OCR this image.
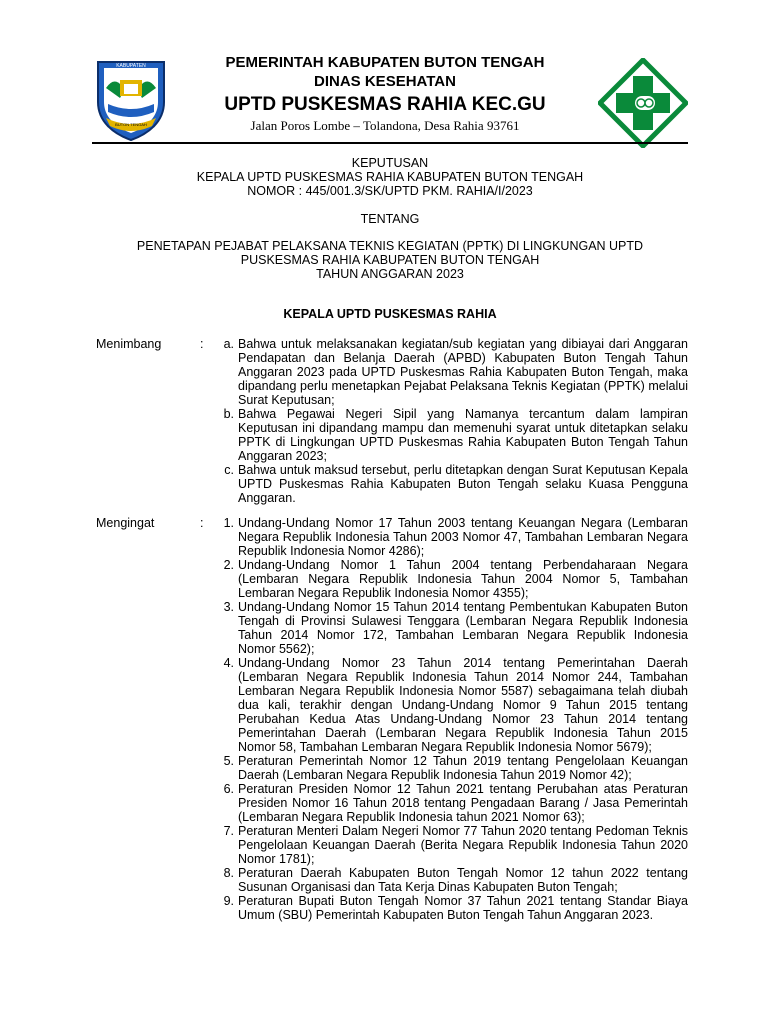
KABUPATEN
BUTON TENGAH
PEMERINTAH KABUPATEN BUTON TENGAH
DINAS KESEHATAN
UPTD PUSKESMAS RAHIA KEC.GU
Jalan Poros Lombe – Tolandona, Desa Rahia 93761
KEPUTUSAN
KEPALA UPTD PUSKESMAS RAHIA KABUPATEN BUTON TENGAH
NOMOR : 445/001.3/SK/UPTD PKM. RAHIA/I/2023
TENTANG
PENETAPAN PEJABAT PELAKSANA TEKNIS KEGIATAN (PPTK) DI LINGKUNGAN UPTD
PUSKESMAS RAHIA KABUPATEN BUTON TENGAH
TAHUN ANGGARAN 2023
KEPALA UPTD PUSKESMAS RAHIA
Menimbang	:	a. Bahwa untuk melaksanakan kegiatan/sub kegiatan yang dibiayai dari Anggaran Pendapatan dan Belanja Daerah (APBD) Kabupaten Buton Tengah Tahun Anggaran 2023 pada UPTD Puskesmas Rahia Kabupaten Buton Tengah, maka dipandang perlu menetapkan Pejabat Pelaksana Teknis Kegiatan (PPTK) melalui Surat Keputusan;
b. Bahwa Pegawai Negeri Sipil yang Namanya tercantum dalam lampiran Keputusan ini dipandang mampu dan memenuhi syarat untuk ditetapkan selaku PPTK di Lingkungan UPTD Puskesmas Rahia Kabupaten Buton Tengah Tahun Anggaran 2023;
c. Bahwa untuk maksud tersebut, perlu ditetapkan dengan Surat Keputusan Kepala UPTD Puskesmas Rahia Kabupaten Buton Tengah selaku Kuasa Pengguna Anggaran.
Mengingat	:	1. Undang-Undang Nomor 17 Tahun 2003 tentang Keuangan Negara (Lembaran Negara Republik Indonesia Tahun 2003 Nomor 47, Tambahan Lembaran Negara Republik Indonesia Nomor 4286);
2. Undang-Undang Nomor 1 Tahun 2004 tentang Perbendaharaan Negara (Lembaran Negara Republik Indonesia Tahun 2004 Nomor 5, Tambahan Lembaran Negara Republik Indonesia Nomor 4355);
3. Undang-Undang Nomor 15 Tahun 2014 tentang Pembentukan Kabupaten Buton Tengah di Provinsi Sulawesi Tenggara (Lembaran Negara Republik Indonesia Tahun 2014 Nomor 172, Tambahan Lembaran Negara Republik Indonesia Nomor 5562);
4. Undang-Undang Nomor 23 Tahun 2014 tentang Pemerintahan Daerah (Lembaran Negara Republik Indonesia Tahun 2014 Nomor 244, Tambahan Lembaran Negara Republik Indonesia Nomor 5587) sebagaimana telah diubah dua kali, terakhir dengan Undang-Undang Nomor 9 Tahun 2015 tentang Perubahan Kedua Atas Undang-Undang Nomor 23 Tahun 2014 tentang Pemerintahan Daerah (Lembaran Negara Republik Indonesia Tahun 2015 Nomor 58, Tambahan Lembaran Negara Republik Indonesia Nomor 5679);
5. Peraturan Pemerintah Nomor 12 Tahun 2019 tentang Pengelolaan Keuangan Daerah (Lembaran Negara Republik Indonesia Tahun 2019 Nomor 42);
6. Peraturan Presiden Nomor 12 Tahun 2021 tentang Perubahan atas Peraturan Presiden Nomor 16 Tahun 2018 tentang Pengadaan Barang / Jasa Pemerintah (Lembaran Negara Republik Indonesia tahun 2021 Nomor 63);
7. Peraturan Menteri Dalam Negeri Nomor 77 Tahun 2020 tentang Pedoman Teknis Pengelolaan Keuangan Daerah (Berita Negara Republik Indonesia Tahun 2020 Nomor 1781);
8. Peraturan Daerah Kabupaten Buton Tengah Nomor 12 tahun 2022 tentang Susunan Organisasi dan Tata Kerja Dinas Kabupaten Buton Tengah;
9. Peraturan Bupati Buton Tengah Nomor 37 Tahun 2021 tentang Standar Biaya Umum (SBU) Pemerintah Kabupaten Buton Tengah Tahun Anggaran 2023.
